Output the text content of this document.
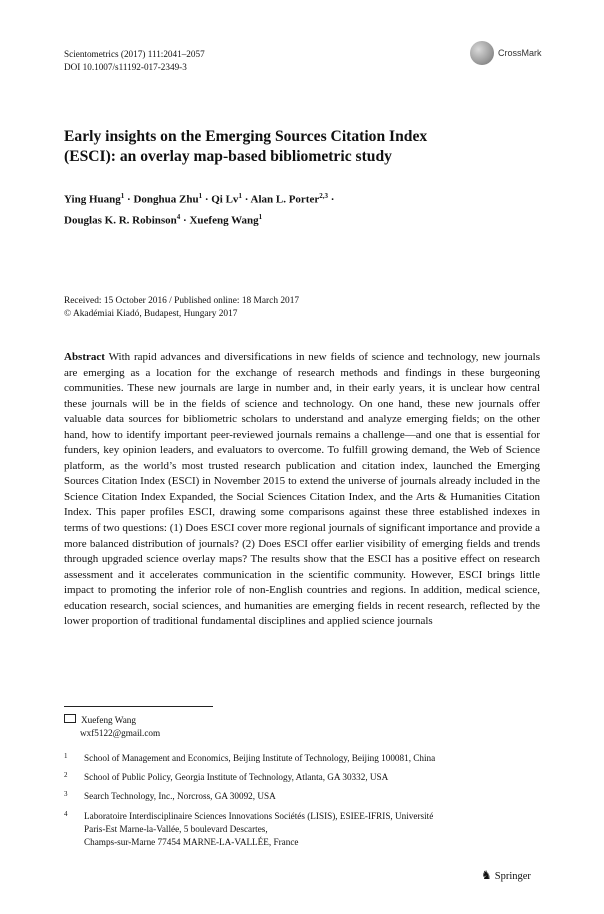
Scientometrics (2017) 111:2041–2057
DOI 10.1007/s11192-017-2349-3
CrossMark
Early insights on the Emerging Sources Citation Index
(ESCI): an overlay map-based bibliometric study
Ying Huang$^1$ · Donghua Zhu$^1$ · Qi $Lv^1$ · Alan L. Porter$^{2,3}$ ·
Douglas K. R. Robinson$^4$ · Xuefeng Wang$^1$
Received: 15 October 2016 / Published online: 18 March 2017
© Akadémiai Kiadó, Budapest, Hungary 2017
Abstract With rapid advances and diversifications in new fields of science and technology, new journals are emerging as a location for the exchange of research methods and findings in these burgeoning communities. These new journals are large in number and, in their early years, it is unclear how central these journals will be in the fields of science and technology. On one hand, these new journals offer valuable data sources for bibliometric scholars to understand and analyze emerging fields; on the other hand, how to identify important peer-reviewed journals remains a challenge—and one that is essential for funders, key opinion leaders, and evaluators to overcome. To fulfill growing demand, the Web of Science platform, as the world’s most trusted research publication and citation index, launched the Emerging Sources Citation Index (ESCI) in November 2015 to extend the universe of journals already included in the Science Citation Index Expanded, the Social Sciences Citation Index, and the Arts & Humanities Citation Index. This paper profiles ESCI, drawing some comparisons against these three established indexes in terms of two questions: (1) Does ESCI cover more regional journals of significant importance and provide a more balanced distribution of journals? (2) Does ESCI offer earlier visibility of emerging fields and trends through upgraded science overlay maps? The results show that the ESCI has a positive effect on research assessment and it accelerates communication in the scientific community. However, ESCI brings little impact to promoting the inferior role of non-English countries and regions. In addition, medical science, education research, social sciences, and humanities are emerging fields in recent research, reflected by the lower proportion of traditional fundamental disciplines and applied science journals
Xuefeng Wang
wxf5122@gmail.com
1 School of Management and Economics, Beijing Institute of Technology, Beijing 100081, China
2 School of Public Policy, Georgia Institute of Technology, Atlanta, GA 30332, USA
3 Search Technology, Inc., Norcross, GA 30092, USA
4 Laboratoire Interdisciplinaire Sciences Innovations Sociétés (LISIS), ESIEE-IFRIS, Université
Paris-Est Marne-la-Vallée, 5 boulevard Descartes,
Champs-sur-Marne 77454 MARNE-LA-VALLÉE, France
♞ Springer
